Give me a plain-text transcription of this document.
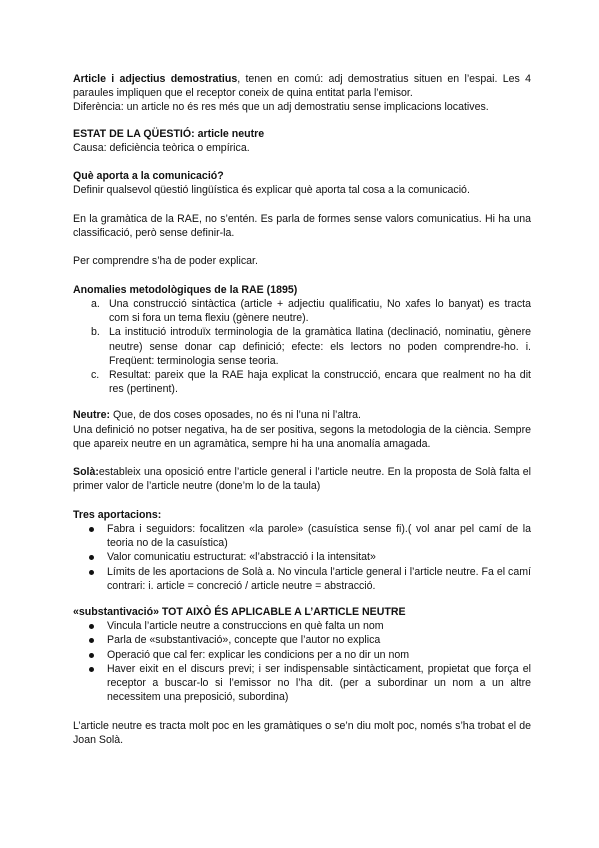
Article i adjectius demostratius, tenen en comú: adj demostratius situen en l’espai. Les 4 paraules impliquen que el receptor coneix de quina entitat parla l’emisor.

Diferència: un article no és res més que un adj demostratiu sense implicacions locatives.

ESTAT DE LA QÜESTIÓ: article neutre

Causa: deficiència teòrica o empírica.

Què aporta a la comunicació?

Definir qualsevol qüestió lingüística és explicar què aporta tal cosa a la comunicació.

En la gramàtica de la RAE, no s’entén. Es parla de formes sense valors comunicatius. Hi ha una classificació, però sense definir-la.

Per comprendre s’ha de poder explicar.

Anomalies metodològiques de la RAE (1895)

a. Una construcció sintàctica (article + adjectiu qualificatiu, No xafes lo banyat) es tracta com si fora un tema flexiu (gènere neutre).
b. La institució introduïx terminologia de la gramàtica llatina (declinació, nominatiu, gènere neutre) sense donar cap definició; efecte: els lectors no poden comprendre-ho. i. Freqüent: terminologia sense teoria.
c. Resultat: pareix que la RAE haja explicat la construcció, encara que realment no ha dit res (pertinent).

Neutre: Que, de dos coses oposades, no és ni l’una ni l’altra.

Una definició no potser negativa, ha de ser positiva, segons la metodologia de la ciència. Sempre que apareix neutre en un agramàtica, sempre hi ha una anomalía amagada.

Solà:estableix una oposició entre l’article general i l’article neutre. En la proposta de Solà falta el primer valor de l’article neutre (done’m lo de la taula)

Tres aportacions:

Fabra i seguidors: focalitzen «la parole» (casuística sense fi).( vol anar pel camí de la teoria no de la casuística)
Valor comunicatiu estructurat: «l’abstracció i la intensitat»
Límits de les aportacions de Solà a. No vincula l’article general i l’article neutre. Fa el camí contrari: i. article = concreció / article neutre = abstracció.

«substantivació» TOT AIXÒ ÉS APLICABLE A L’ARTICLE NEUTRE

Vincula l’article neutre a construccions en què falta un nom
Parla de «substantivació», concepte que l’autor no explica
Operació que cal fer: explicar les condicions per a no dir un nom
Haver eixit en el discurs previ; i ser indispensable sintàcticament, propietat que força el receptor a buscar-lo si l’emissor no l’ha dit. (per a subordinar un nom a un altre necessitem una preposició, subordina)

L’article neutre es tracta molt poc en les gramàtiques o se’n diu molt poc, només s’ha trobat el de Joan Solà.
